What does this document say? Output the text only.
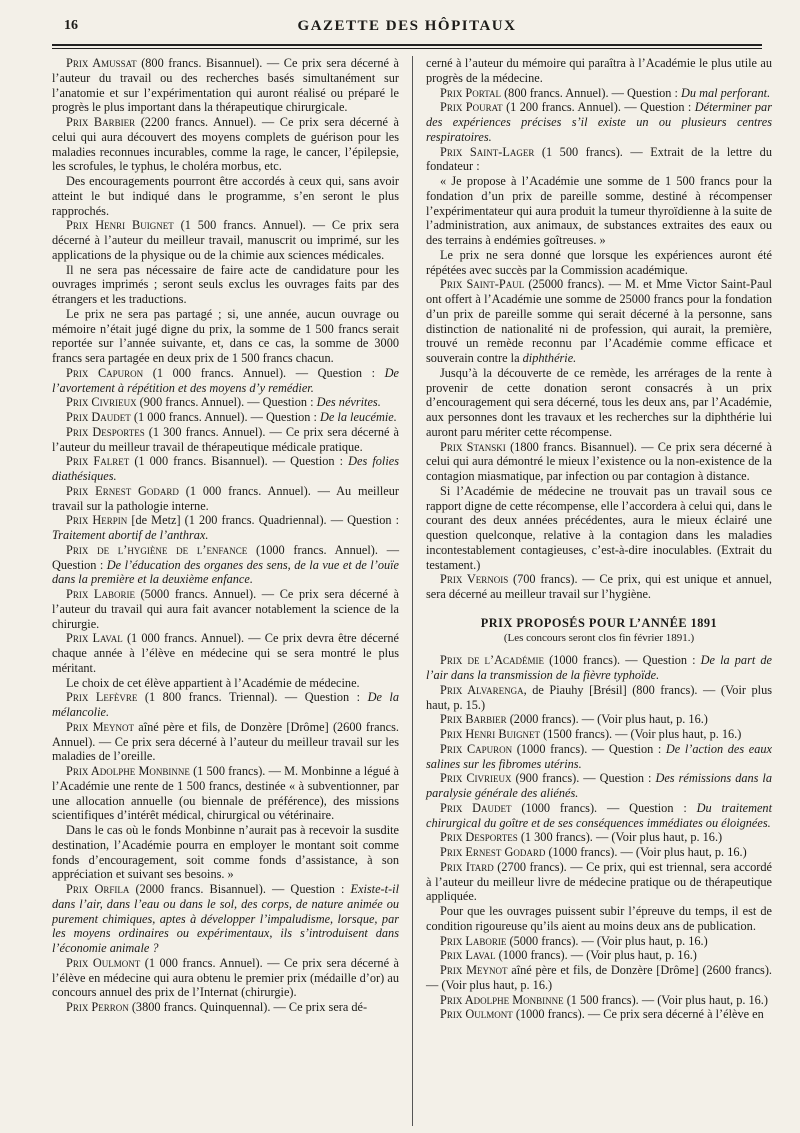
16	GAZETTE DES HÔPITAUX

Prix Amussat (800 francs. Bisannuel). — Ce prix sera décerné à l’auteur du travail ou des recherches basés simultanément sur l’anatomie et sur l’expérimentation qui auront réalisé ou préparé le progrès le plus important dans la thérapeutique chirurgicale.

Prix Barbier (2200 francs. Annuel). — Ce prix sera décerné à celui qui aura découvert des moyens complets de guérison pour les maladies reconnues incurables, comme la rage, le cancer, l’épilepsie, les scrofules, le typhus, le choléra morbus, etc.

Des encouragements pourront être accordés à ceux qui, sans avoir atteint le but indiqué dans le programme, s’en seront le plus rapprochés.

Prix Henri Buignet (1 500 francs. Annuel). — Ce prix sera décerné à l’auteur du meilleur travail, manuscrit ou imprimé, sur les applications de la physique ou de la chimie aux sciences médicales.

Il ne sera pas nécessaire de faire acte de candidature pour les ouvrages imprimés ; seront seuls exclus les ouvrages faits par des étrangers et les traductions.

Le prix ne sera pas partagé ; si, une année, aucun ouvrage ou mémoire n’était jugé digne du prix, la somme de 1 500 francs serait reportée sur l’année suivante, et, dans ce cas, la somme de 3000 francs sera partagée en deux prix de 1 500 francs chacun.

Prix Capuron (1 000 francs. Annuel). — Question : De l’avortement à répétition et des moyens d’y remédier.

Prix Civrieux (900 francs. Annuel). — Question : Des névrites.

Prix Daudet (1 000 francs. Annuel). — Question : De la leucémie.

Prix Desportes (1 300 francs. Annuel). — Ce prix sera décerné à l’auteur du meilleur travail de thérapeutique médicale pratique.

Prix Falret (1 000 francs. Bisannuel). — Question : Des folies diathésiques.

Prix Ernest Godard (1 000 francs. Annuel). — Au meilleur travail sur la pathologie interne.

Prix Herpin [de Metz] (1 200 francs. Quadriennal). — Question : Traitement abortif de l’anthrax.

Prix de l’hygiène de l’enfance (1000 francs. Annuel). — Question : De l’éducation des organes des sens, de la vue et de l’ouïe dans la première et la deuxième enfance.

Prix Laborie (5000 francs. Annuel). — Ce prix sera décerné à l’auteur du travail qui aura fait avancer notablement la science de la chirurgie.

Prix Laval (1 000 francs. Annuel). — Ce prix devra être décerné chaque année à l’élève en médecine qui se sera montré le plus méritant.

Le choix de cet élève appartient à l’Académie de médecine.

Prix Lefèvre (1 800 francs. Triennal). — Question : De la mélancolie.

Prix Meynot aîné père et fils, de Donzère [Drôme] (2600 francs. Annuel). — Ce prix sera décerné à l’auteur du meilleur travail sur les maladies de l’oreille.

Prix Adolphe Monbinne (1 500 francs). — M. Monbinne a légué à l’Académie une rente de 1 500 francs, destinée « à subventionner, par une allocation annuelle (ou biennale de préférence), des missions scientifiques d’intérêt médical, chirurgical ou vétérinaire.

Dans le cas où le fonds Monbinne n’aurait pas à recevoir la susdite destination, l’Académie pourra en employer le montant soit comme fonds d’encouragement, soit comme fonds d’assistance, à son appréciation et suivant ses besoins. »

Prix Orfila (2000 francs. Bisannuel). — Question : Existe-t-il dans l’air, dans l’eau ou dans le sol, des corps, de nature animée ou purement chimiques, aptes à développer l’impaludisme, lorsque, par les moyens ordinaires ou expérimentaux, ils s’introduisent dans l’économie animale ?

Prix Oulmont (1 000 francs. Annuel). — Ce prix sera décerné à l’élève en médecine qui aura obtenu le premier prix (médaille d’or) au concours annuel des prix de l’Internat (chirurgie).

Prix Perron (3800 francs. Quinquennal). — Ce prix sera dé-

cerné à l’auteur du mémoire qui paraîtra à l’Académie le plus utile au progrès de la médecine.

Prix Portal (800 francs. Annuel). — Question : Du mal perforant.

Prix Pourat (1 200 francs. Annuel). — Question : Déterminer par des expériences précises s’il existe un ou plusieurs centres respiratoires.

Prix Saint-Lager (1 500 francs). — Extrait de la lettre du fondateur :

« Je propose à l’Académie une somme de 1 500 francs pour la fondation d’un prix de pareille somme, destiné à récompenser l’expérimentateur qui aura produit la tumeur thyroïdienne à la suite de l’administration, aux animaux, de substances extraites des eaux ou des terrains à endémies goîtreuses. »

Le prix ne sera donné que lorsque les expériences auront été répétées avec succès par la Commission académique.

Prix Saint-Paul (25000 francs). — M. et Mme Victor Saint-Paul ont offert à l’Académie une somme de 25000 francs pour la fondation d’un prix de pareille somme qui serait décerné à la personne, sans distinction de nationalité ni de profession, qui aurait, la première, trouvé un remède reconnu par l’Académie comme efficace et souverain contre la diphthérie.

Jusqu’à la découverte de ce remède, les arrérages de la rente à provenir de cette donation seront consacrés à un prix d’encouragement qui sera décerné, tous les deux ans, par l’Académie, aux personnes dont les travaux et les recherches sur la diphthérie lui auront paru mériter cette récompense.

Prix Stanski (1800 francs. Bisannuel). — Ce prix sera décerné à celui qui aura démontré le mieux l’existence ou la non-existence de la contagion miasmatique, par infection ou par contagion à distance.

Si l’Académie de médecine ne trouvait pas un travail sous ce rapport digne de cette récompense, elle l’accordera à celui qui, dans le courant des deux années précédentes, aura le mieux éclairé une question quelconque, relative à la contagion dans les maladies incontestablement contagieuses, c’est-à-dire inoculables. (Extrait du testament.)

Prix Vernois (700 francs). — Ce prix, qui est unique et annuel, sera décerné au meilleur travail sur l’hygiène.

PRIX PROPOSÉS POUR L’ANNÉE 1891

(Les concours seront clos fin février 1891.)

Prix de l’Académie (1000 francs). — Question : De la part de l’air dans la transmission de la fièvre typhoïde.

Prix Alvarenga, de Piauhy [Brésil] (800 francs). — (Voir plus haut, p. 15.)

Prix Barbier (2000 francs). — (Voir plus haut, p. 16.)

Prix Henri Buignet (1500 francs). — (Voir plus haut, p. 16.)

Prix Capuron (1000 francs). — Question : De l’action des eaux salines sur les fibromes utérins.

Prix Civrieux (900 francs). — Question : Des rémissions dans la paralysie générale des aliénés.

Prix Daudet (1000 francs). — Question : Du traitement chirurgical du goître et de ses conséquences immédiates ou éloignées.

Prix Desportes (1 300 francs). — (Voir plus haut, p. 16.)

Prix Ernest Godard (1000 francs). — (Voir plus haut, p. 16.)

Prix Itard (2700 francs). — Ce prix, qui est triennal, sera accordé à l’auteur du meilleur livre de médecine pratique ou de thérapeutique appliquée.

Pour que les ouvrages puissent subir l’épreuve du temps, il est de condition rigoureuse qu’ils aient au moins deux ans de publication.

Prix Laborie (5000 francs). — (Voir plus haut, p. 16.)

Prix Laval (1000 francs). — (Voir plus haut, p. 16.)

Prix Meynot aîné père et fils, de Donzère [Drôme] (2600 francs). — (Voir plus haut, p. 16.)

Prix Adolphe Monbinne (1 500 francs). — (Voir plus haut, p. 16.)

Prix Oulmont (1000 francs). — Ce prix sera décerné à l’élève en
